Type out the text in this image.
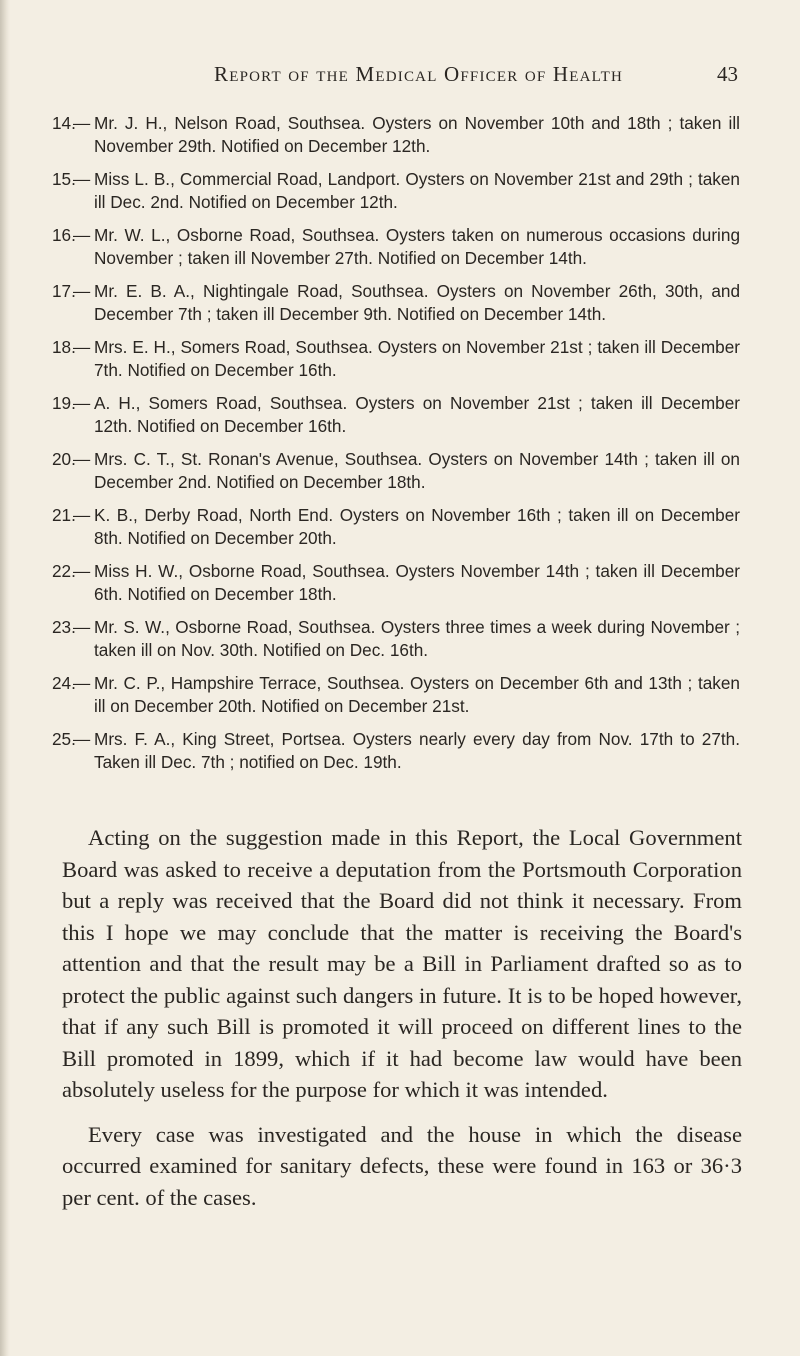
Report of the Medical Officer of Health	43
14.
— Mr. J. H., Nelson Road, Southsea. Oysters on November 10th and 18th ; taken ill November 29th. Notified on December 12th.
15.
— Miss L. B., Commercial Road, Landport. Oysters on November 21st and 29th ; taken ill Dec. 2nd. Notified on December 12th.
16.
— Mr. W. L., Osborne Road, Southsea. Oysters taken on numerous occasions during November ; taken ill November 27th. Notified on December 14th.
17.
— Mr. E. B. A., Nightingale Road, Southsea. Oysters on November 26th, 30th, and December 7th ; taken ill December 9th. Notified on December 14th.
18.
— Mrs. E. H., Somers Road, Southsea. Oysters on November 21st ; taken ill December 7th. Notified on December 16th.
19.
— A. H., Somers Road, Southsea. Oysters on November 21st ; taken ill December 12th. Notified on December 16th.
20.
— Mrs. C. T., St. Ronan's Avenue, Southsea. Oysters on November 14th ; taken ill on December 2nd. Notified on December 18th.
21.
— K. B., Derby Road, North End. Oysters on November 16th ; taken ill on December 8th. Notified on December 20th.
22.
— Miss H. W., Osborne Road, Southsea. Oysters November 14th ; taken ill December 6th. Notified on December 18th.
23.
— Mr. S. W., Osborne Road, Southsea. Oysters three times a week during November ; taken ill on Nov. 30th. Notified on Dec. 16th.
24.
— Mr. C. P., Hampshire Terrace, Southsea. Oysters on December 6th and 13th ; taken ill on December 20th. Notified on December 21st.
25.
— Mrs. F. A., King Street, Portsea. Oysters nearly every day from Nov. 17th to 27th. Taken ill Dec. 7th ; notified on Dec. 19th.

Acting on the suggestion made in this Report, the Local Government Board was asked to receive a deputation from the Portsmouth Corporation but a reply was received that the Board did not think it necessary. From this I hope we may conclude that the matter is receiving the Board's attention and that the result may be a Bill in Parliament drafted so as to protect the public against such dangers in future. It is to be hoped however, that if any such Bill is promoted it will proceed on different lines to the Bill promoted in 1899, which if it had become law would have been absolutely useless for the purpose for which it was intended.

Every case was investigated and the house in which the disease occurred examined for sanitary defects, these were found in 163 or 36·3 per cent. of the cases.
